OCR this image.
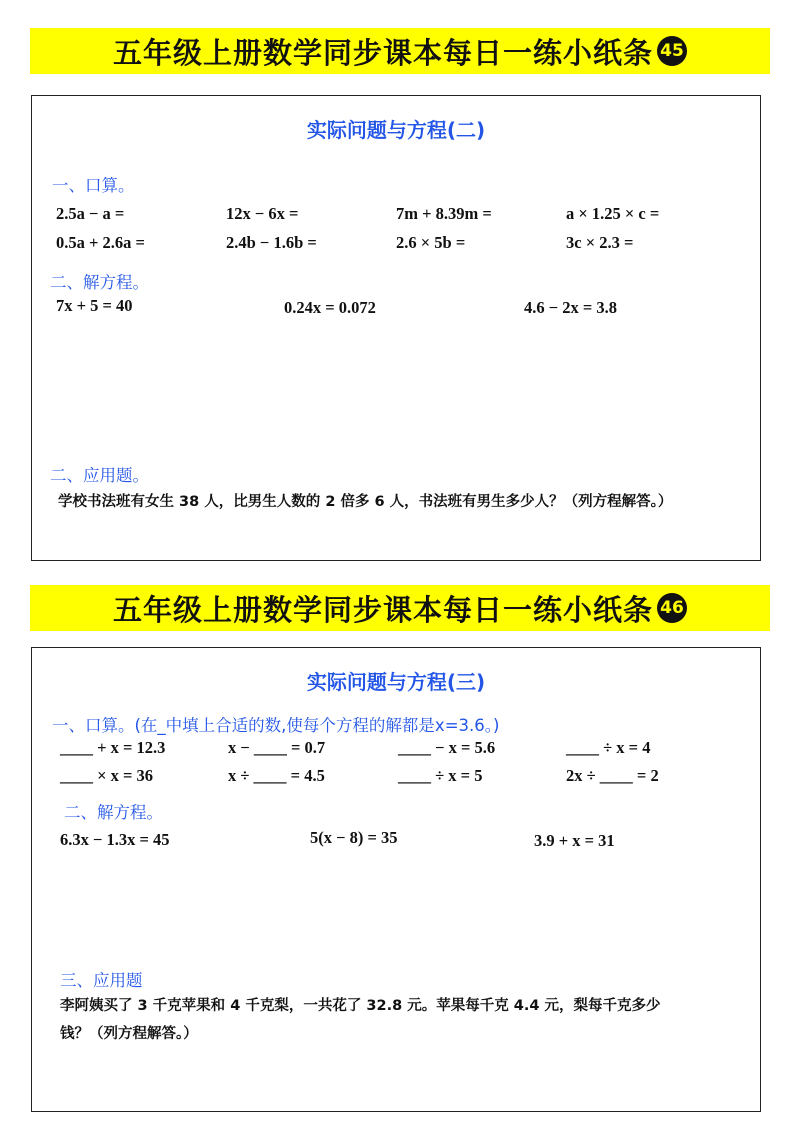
五年级上册数学同步课本每日一练小纸条 45
实际问题与方程(二)
一、口算。
2.5a − a =	12x − 6x =	7m + 8.39m =	a × 1.25 × c =
0.5a + 2.6a =	2.4b − 1.6b =	2.6 × 5b =	3c × 2.3 =
二、解方程。
7x + 5 = 40	0.24x = 0.072	4.6 − 2x = 3.8
二、应用题。
学校书法班有女生 38 人，比男生人数的 2 倍多 6 人，书法班有男生多少人？（列方程解答。）
五年级上册数学同步课本每日一练小纸条 46
实际问题与方程(三)
一、口算。(在_中填上合适的数,使每个方程的解都是x=3.6。)
____ + x = 12.3	x − ____ = 0.7	____ − x = 5.6	____ ÷ x = 4
____ × x = 36	x ÷ ____ = 4.5	____ ÷ x = 5	2x ÷ ____ = 2
二、解方程。
6.3x − 1.3x = 45	5(x − 8) = 35	3.9 + x = 31
三、应用题
李阿姨买了 3 千克苹果和 4 千克梨，一共花了 32.8 元。苹果每千克 4.4 元，梨每千克多少
钱？（列方程解答。）
